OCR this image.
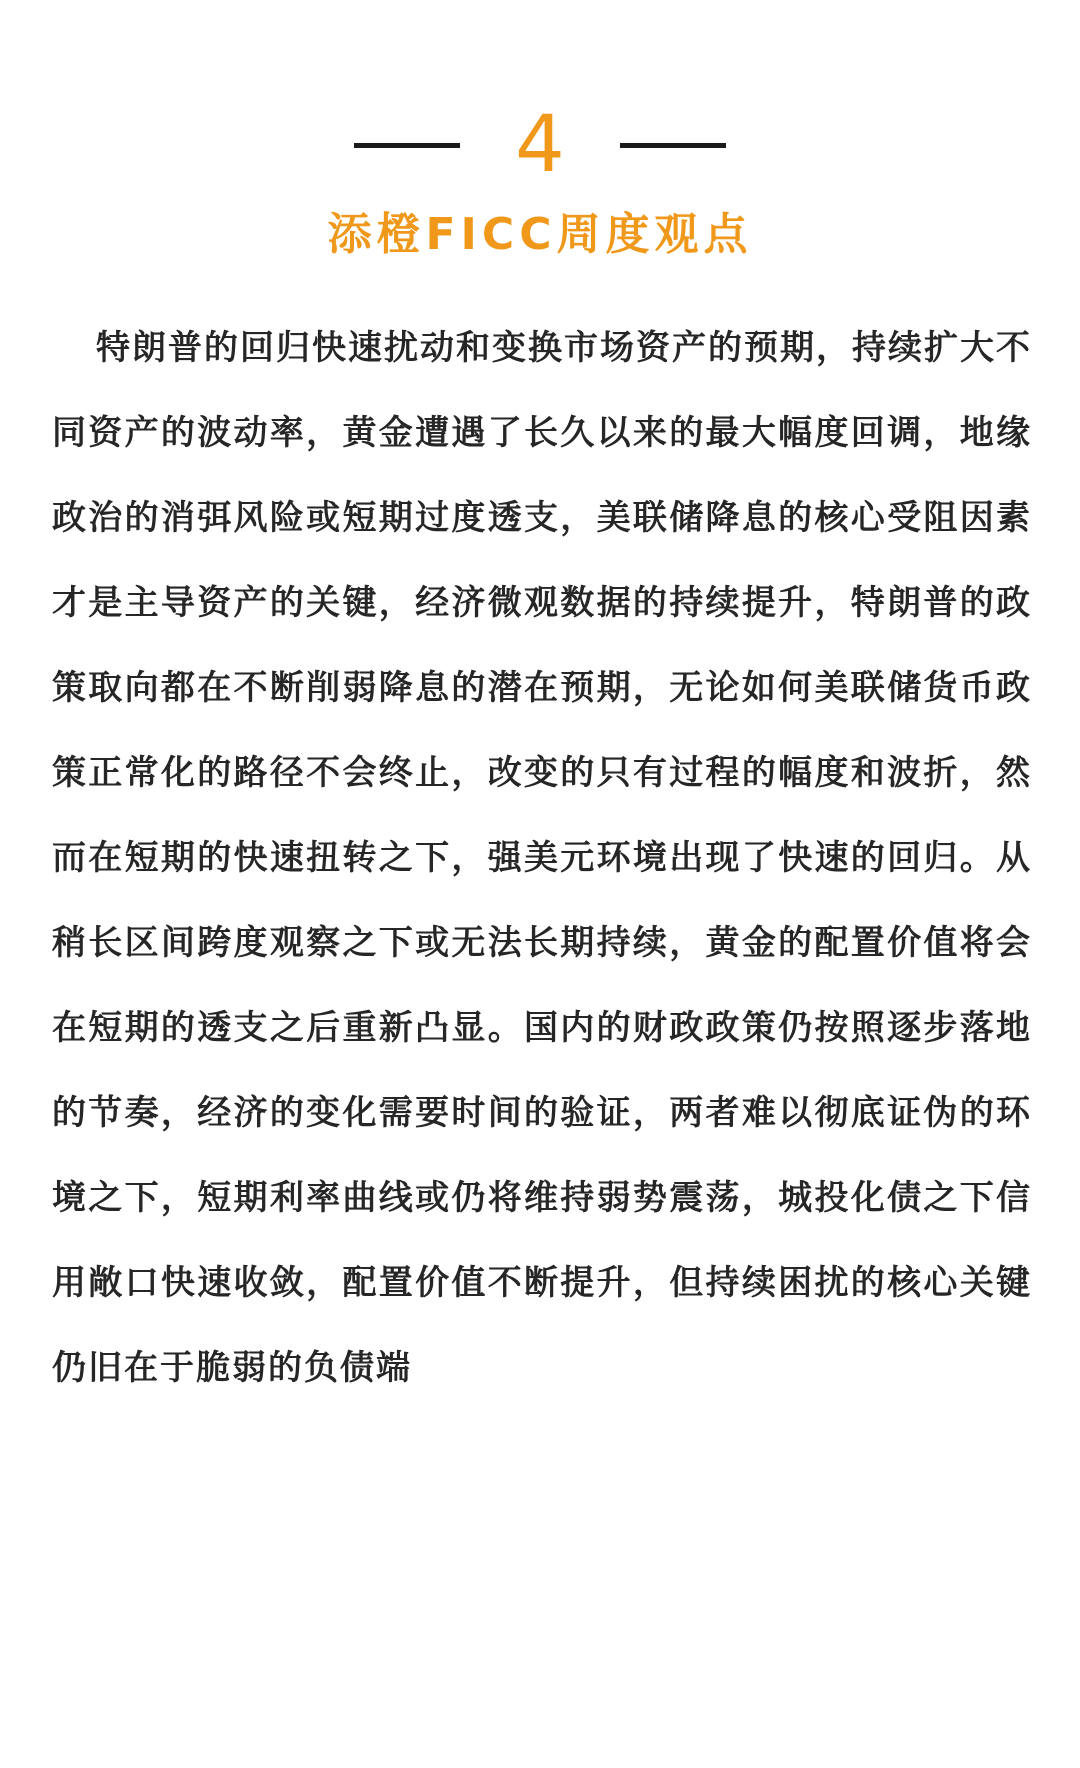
4
添橙FICC周度观点

特朗普的回归快速扰动和变换市场资产的预期，持续扩大不同资产的波动率，黄金遭遇了长久以来的最大幅度回调，地缘政治的消弭风险或短期过度透支，美联储降息的核心受阻因素才是主导资产的关键，经济微观数据的持续提升，特朗普的政策取向都在不断削弱降息的潜在预期，无论如何美联储货币政策正常化的路径不会终止，改变的只有过程的幅度和波折，然而在短期的快速扭转之下，强美元环境出现了快速的回归。从稍长区间跨度观察之下或无法长期持续，黄金的配置价值将会在短期的透支之后重新凸显。国内的财政政策仍按照逐步落地的节奏，经济的变化需要时间的验证，两者难以彻底证伪的环境之下，短期利率曲线或仍将维持弱势震荡，城投化债之下信用敞口快速收敛，配置价值不断提升，但持续困扰的核心关键仍旧在于脆弱的负债端
